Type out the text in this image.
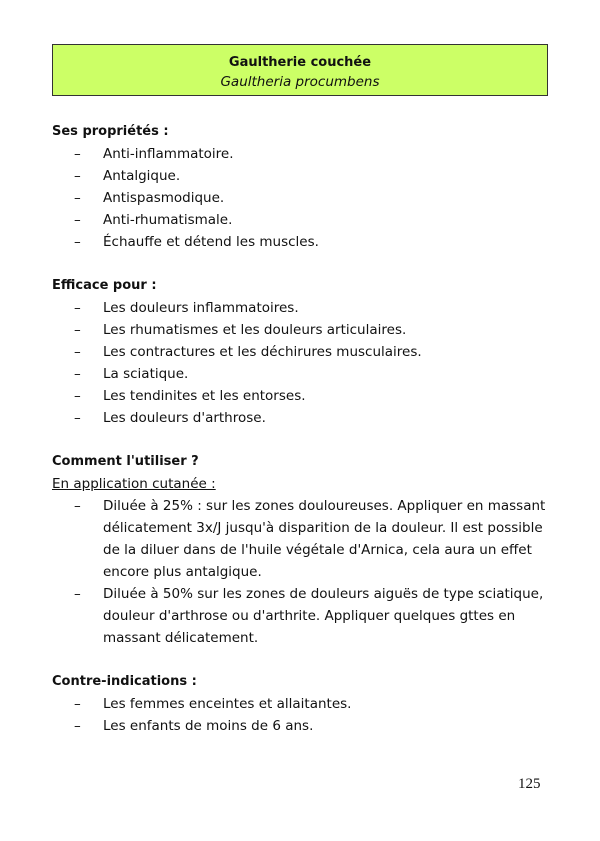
Gaultherie couchée
Gaultheria procumbens
Ses propriétés :
– Anti-inflammatoire.
– Antalgique.
– Antispasmodique.
– Anti-rhumatismale.
– Échauffe et détend les muscles.
Efficace pour :
– Les douleurs inflammatoires.
– Les rhumatismes et les douleurs articulaires.
– Les contractures et les déchirures musculaires.
– La sciatique.
– Les tendinites et les entorses.
– Les douleurs d'arthrose.
Comment l'utiliser ?
En application cutanée :
– Diluée à 25% : sur les zones douloureuses. Appliquer en massant délicatement 3x/J jusqu'à disparition de la douleur. Il est possible de la diluer dans de l'huile végétale d'Arnica, cela aura un effet encore plus antalgique.
– Diluée à 50% sur les zones de douleurs aiguës de type sciatique, douleur d'arthrose ou d'arthrite. Appliquer quelques gttes en massant délicatement.
Contre-indications :
– Les femmes enceintes et allaitantes.
– Les enfants de moins de 6 ans.
125
